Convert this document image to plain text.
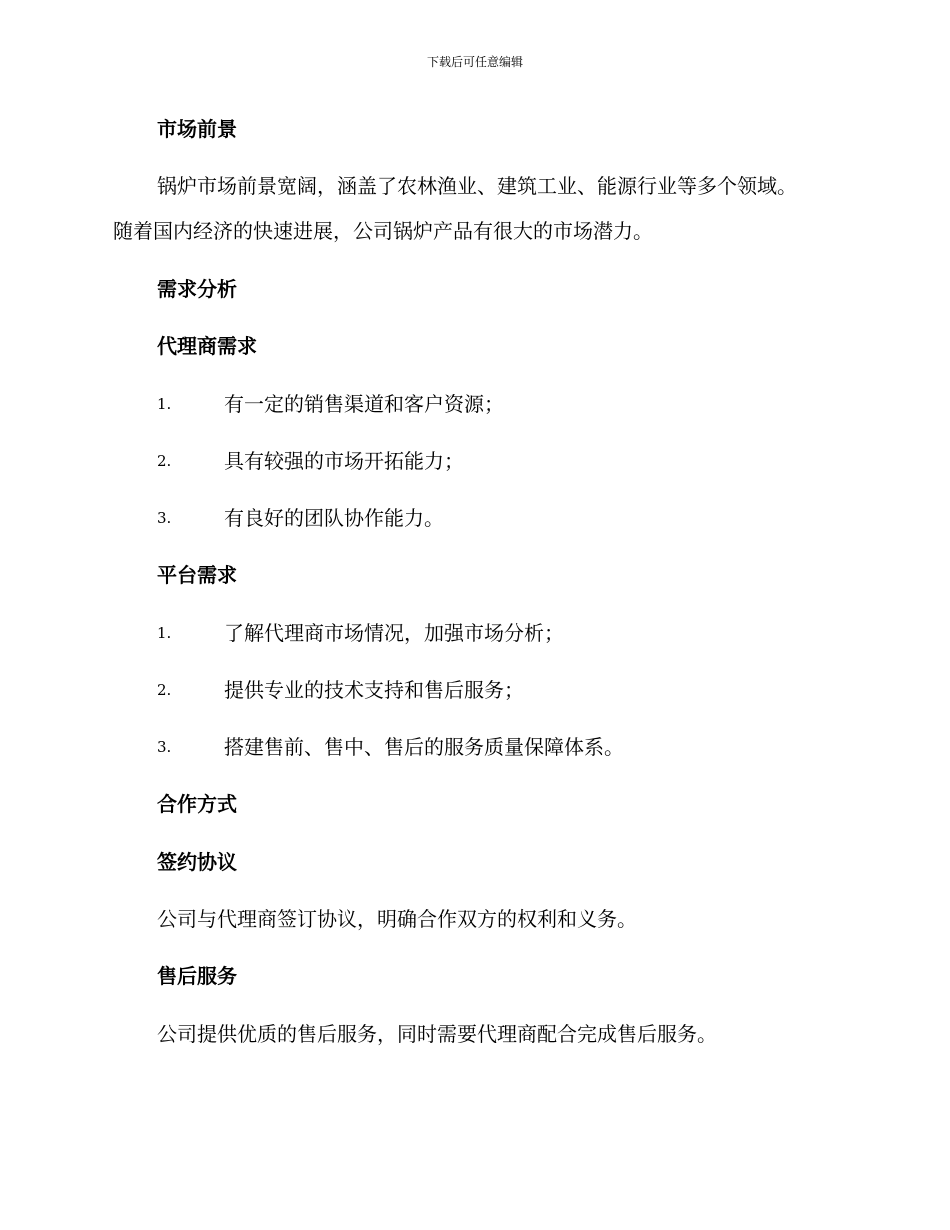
下载后可任意编辑
市场前景
锅炉市场前景宽阔，涵盖了农林渔业、建筑工业、能源行业等多个领域。随着国内经济的快速进展，公司锅炉产品有很大的市场潜力。
需求分析
代理商需求
1.	有一定的销售渠道和客户资源；
2.	具有较强的市场开拓能力；
3.	有良好的团队协作能力。
平台需求
1.	了解代理商市场情况，加强市场分析；
2.	提供专业的技术支持和售后服务；
3.	搭建售前、售中、售后的服务质量保障体系。
合作方式
签约协议
公司与代理商签订协议，明确合作双方的权利和义务。
售后服务
公司提供优质的售后服务，同时需要代理商配合完成售后服务。
